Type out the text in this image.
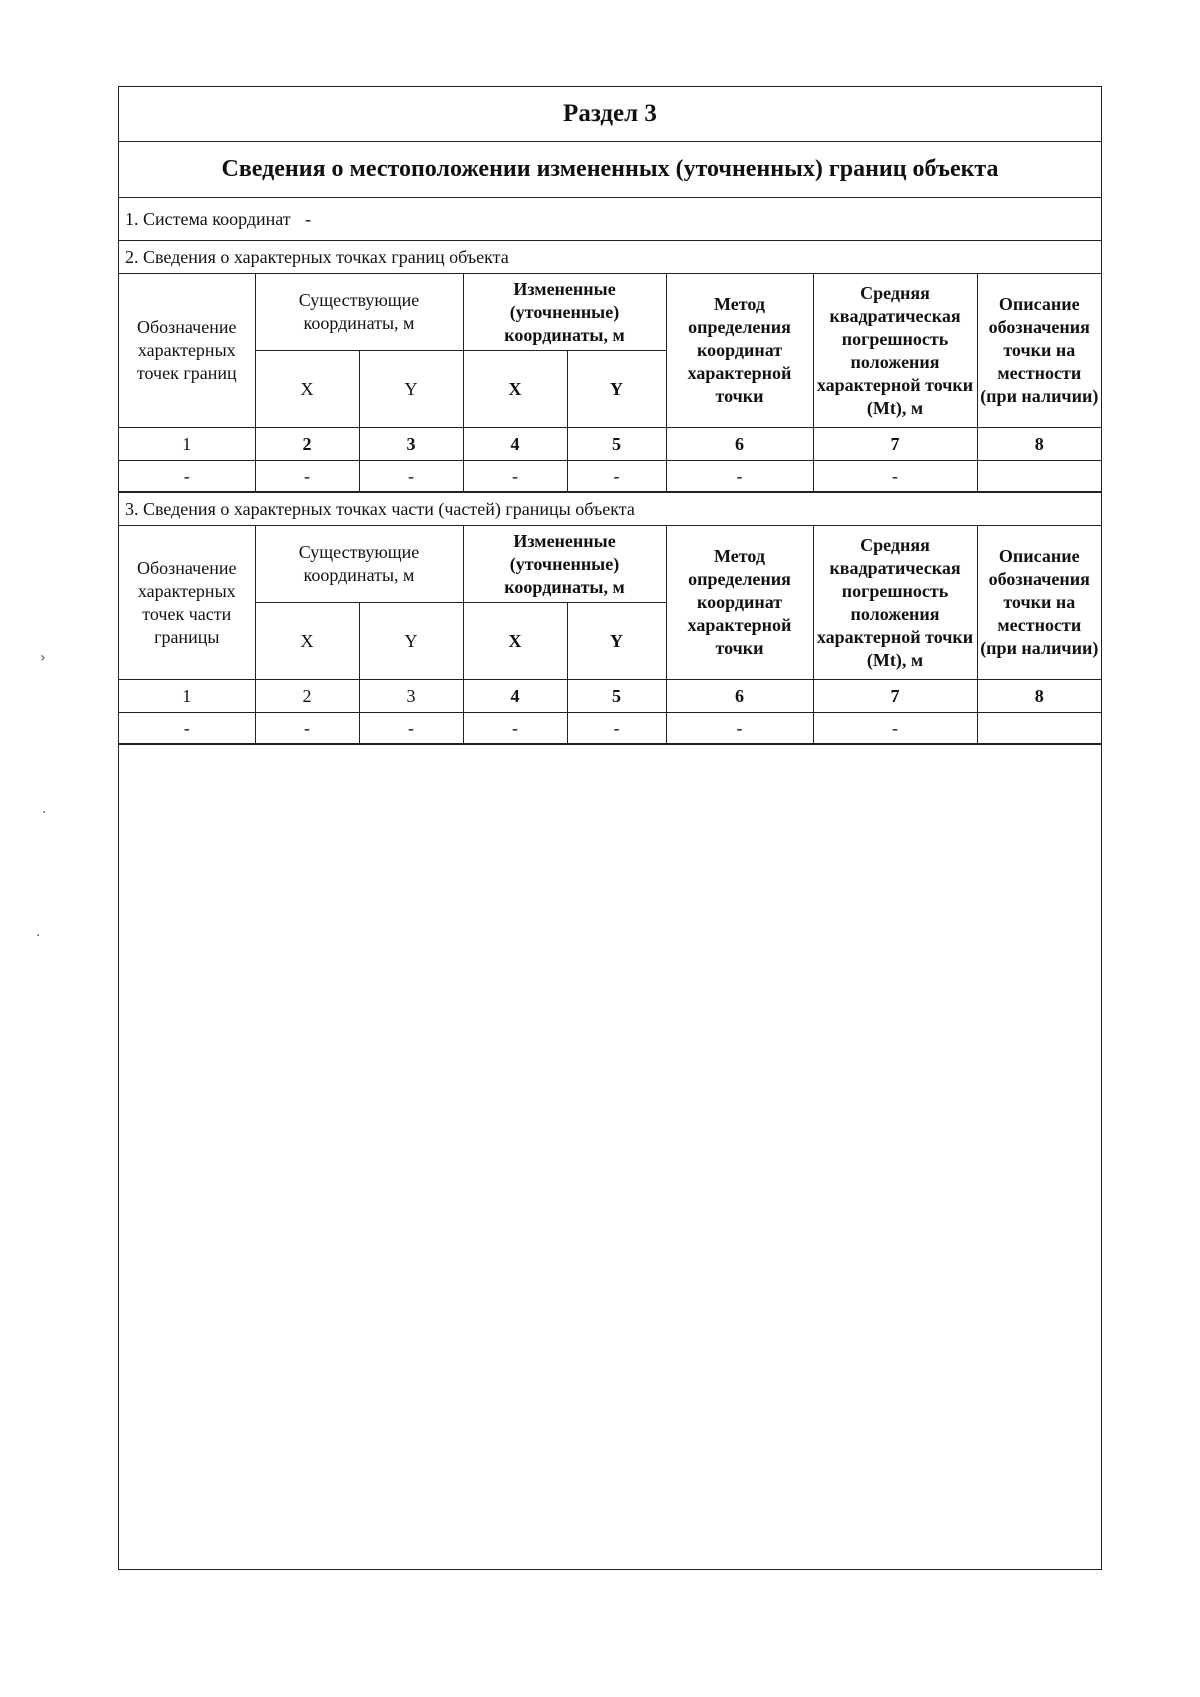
Раздел 3
Сведения о местоположении измененных (уточненных) границ объекта
1. Система координат -
2. Сведения о характерных точках границ объекта
Обозначение характерных точек границ	Существующие координаты, м		Измененные (уточненные) координаты, м		Метод определения координат характерной точки	Средняя квадратическая погрешность положения характерной точки (Mt), м	Описание обозначения точки на местности (при наличии)
	X	Y	X	Y			
1	2	3	4	5	6	7	8
-	-	-	-	-	-	-	
3. Сведения о характерных точках части (частей) границы объекта
Обозначение характерных точек части границы	Существующие координаты, м		Измененные (уточненные) координаты, м		Метод определения координат характерной точки	Средняя квадратическая погрешность положения характерной точки (Mt), м	Описание обозначения точки на местности (при наличии)
	X	Y	X	Y			
1	2	3	4	5	6	7	8
-	-	-	-	-	-	-	
›
·
·
